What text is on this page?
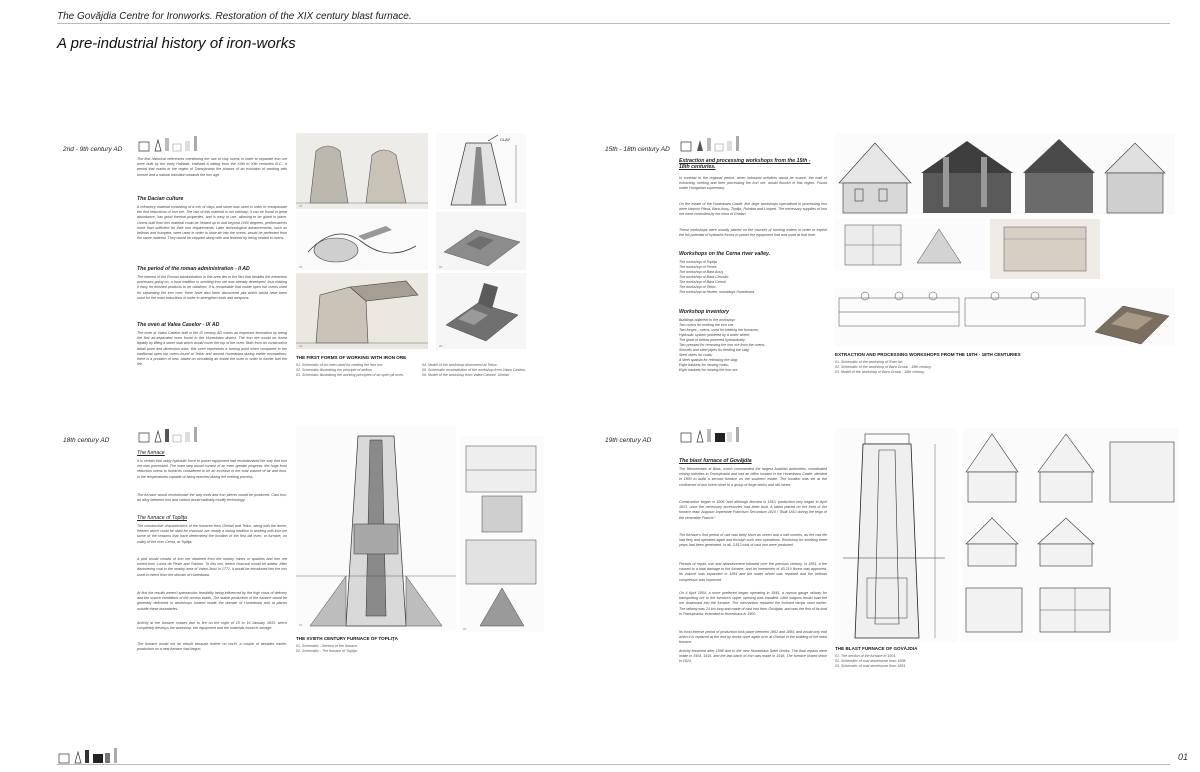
The Govăjdia Centre for Ironworks. Restoration of the XIX century blast furnace.
A pre-industrial history of iron-works
2nd - 9th century AD
The first historical references mentioning the use of clay ovens in order to separate iron ore were built by the early Hallstatt, Hallstatt A dating from the XIIth to XIth centuries B.C., a period that marks in the region of Transylvania the phases of an evolution of working with bronze and a natural transition towards the iron age.
The Dacian culture
A refractory material consisting of a mix of clays and stone was used in order to encapsulate the first reductions of iron ore. The use of this material is not ordinary; it can be found in great abundance, has good thermal properties, and is easy to use, allowing to be glued in place. Ovens built from this material could be heated up to and beyond 1000 degrees, performances more than sufficient for their iron requirements. Later technological advancements, such as bellows and trumpets, were used in order to blow air into the ovens, would be perfected from the same material. They would be stripped along with and finished by being heated in ovens.
The period of the roman administration - II AD
The interest of the Roman administration in this area lies in the fact that besides the extraction processes going on, a local tradition in smelting iron ore was already developed, thus making it easy for finished products to be obtained. It is remarkable that inside open hut ovens used for separating the iron core, there have also been discovered pits which would have been used for the main reductions in order to strengthen tools and weapons.
The oven at Valea Caselor - IX AD
The oven at Valea Caselor built in the IX century AD marks an important innovation by being the first air-separated oven found in the Hunedoara district. The iron ore would be fused liquidly by lifting a stone slab which would cover the top of the oven. Both from an constructive detail point and dimension wise, this oven represents a turning point when compared to the traditional open top ovens found at Teliuc and around Hunedoara during earlier excavations; there is a problem of new, based on circulating air inside the oven in order to further fuel the fire.
01
CLAY
02	04
03	06
THE FIRST FORMS OF WORKING WITH IRON ORE
01. Schematic of an oven used for melting the iron ore.
02. Schematic illustrating the principle of airflow.
03. Schematic illustrating the working principles of an open pit oven.
04. Model of the workshop discovered at Teliuc.
05. Schematic reconstitution of the workshop from Valea Caselor.
06. Model of the workshop from Valea Caselor, Ghelari
15th - 18th century AD
Extraction and processing workshops from the 15th - 18th centuries.
In contrast to the regional period, when industrial activities would be scarce, the craft of extracting, melting and then processing the iron ore, would flourish in this region. Found under Hungarian supremacy.
On the estate of the Hunedoara Castle, five large workshops specialised in processing iron were Hasmin Plasa, Bara Aouş, Topliţa, Ruhdan and Limpert. The necessary supplies of iron ore were controlled by the town of Ghelari.
These workshops were usually placed on the courses of running waters in order to exploit the full potential of hydraulic forces to power the equipment that was used at that time.
Workshops on the Cerna river valley.
The workshop of Topliţa
The workshop of Fenes
The workshop of Bara Aouş
The workshop of Bara Cerusilo
The workshop of Bara Ceroni
The workshop of Teliuc
The workshop at Hunter, nowadays Hunedoara.
Workshop inventory
Buildings adjacent to the workshop:
Two ovens for melting the iron ore;
Two forges - ovens, used for heating the furnaces;
Hydraulic system powered by a water wheel;
The giant of bellow powered hydraulically;
Two pressed for removing the iron ore from the ovens;
Shovels and steel pipes for feeding the slag;
Steel rakes for coals;
A steel spatula for releasing the slag;
Eight baskets for moving coals;
Eight baskets for moving the iron ore.
EXTRACTION AND PROCESSING WORKSHOPS FROM THE 15TH - 18TH CENTURIES
01. Schematic of the workshop of Ruer Iar.
02. Schematic of the workshop of Bara Grossi - 18th century.
03. Model of the workshop of Bara Grossi - 18th century.
18th century AD
The furnace
It is certain that using hydraulic force to power equipment had revolutionised the way that iron ore was processed. The main step would consist of an even greater progress: the huge from reduction ovens to furnaces considered to be an increase in the total volume of air and thus, in the temperatures capable of being reached during the melting process.
The furnace would revolutionise the way tools and iron pieces would be produced. Cast iron, an alloy between iron and carbon would radically modify technology.
The furnace of Topliţa
The constructive characteristics of the furnaces from Ghelari and Teliuc, along with the dome, freezes which could be used for charcoal, are mostly a strong tradition in working with iron ore some of the reasons that have determined the location of the first tall oven, or furnace, on valley of the river Cerna, at Topliţa.
A pick would consist of iron ore obtained from the nearby mines or quarries and iron ore mined from Lunca de Peste and Toinloni. To this mix, beech charcoal would be added. After discovering coal in the nearby area of Valea Jiului in 1771, it would be introduced into the mix used in ovens from the domain of Hunedoara.
At first the results weren't spectacular, feasibility being influenced by the high costs of delivery and the scarce conditions of the access roads. The stable production of the furnace would be generally delivered in workshops located inside the domain of Hunedoara and at places outside these boundaries.
Activity at the furnace ceases due to fire on the night of 15 to 16 January 1833, which completely destroys the workshop, the equipment and the materials found in storage.
The furnace would not be rebuilt because further on north, a couple of decades earlier, production on a new furnace had begun.
01
02
THE XVIIITH CENTURY FURNACE OF TOPLIŢA
01. Schematic - Section of the furnace.
02. Schematic - The furnace of Topliţa.
19th century AD
The blast furnace of Govăjdia
The filimonestani at Bilas, which commanded the largest Austrian authorities, coordinated mining activities in Transylvania and had an office located in the Hunedoara Castle, decided in 1800 to build a second furnace on the southern estate. The location was set at the confluence of two rivers close to a group of forge works and rail mines.
Construction began in 1806, and although finished in 1810, production only began in April 1813, once the necessary accessories had been built. A tablet placed on the front of the furnace read: Augusto Imperante Francisco Secundum 1810 / "Built 1810 during the reign of the venerable Francis".
The furnace's first period of use was fairly short as seven and a half months, as the raw life had fiery and operated again and through such new operations. Workshop for smelting three years had been generated. In all, 3,813 tons of cast iron were produced.
Periods of repair, use and abandonment followed over the previous century. In 1851, a fire caused to a total damage to the furnace, and an investment of 40,219 florins was approved. Its volume was expanded in 1854 and the water wheel was repaired and the bellows compressor was improved.
On 4 April 1854, a more preferred began operating in 1845, a narrow gauge railway for transporting ore to the furnace's upper opening was installed. Little wagons would load the ore downward into the furnace. The mechanism replaced the inclined ramps used earlier. The railway was 24 km long and made of cast iron from Govăjdia, and was the first of its kind in Transylvania, extended to Hunedoara in 1900.
Its most intense period of production took place between 1861 and 1884, and would only end when it is replaced at the end by works once again over at Ghelari in the building of the blast furnace.
Activity lessened after 1898 due to the new Hunedoara Steel Works. The final repairs were made in 1904, 1916, and the last batch of iron was made in 1918. The furnace closed down in 1924.
THE BLAST FURNACE OF GOVĂJDIA
01. The section of the furnace in 1901.
02. Schematic of coal storehouse from 1808.
03. Schematic of coal storehouse from 1851.
01
